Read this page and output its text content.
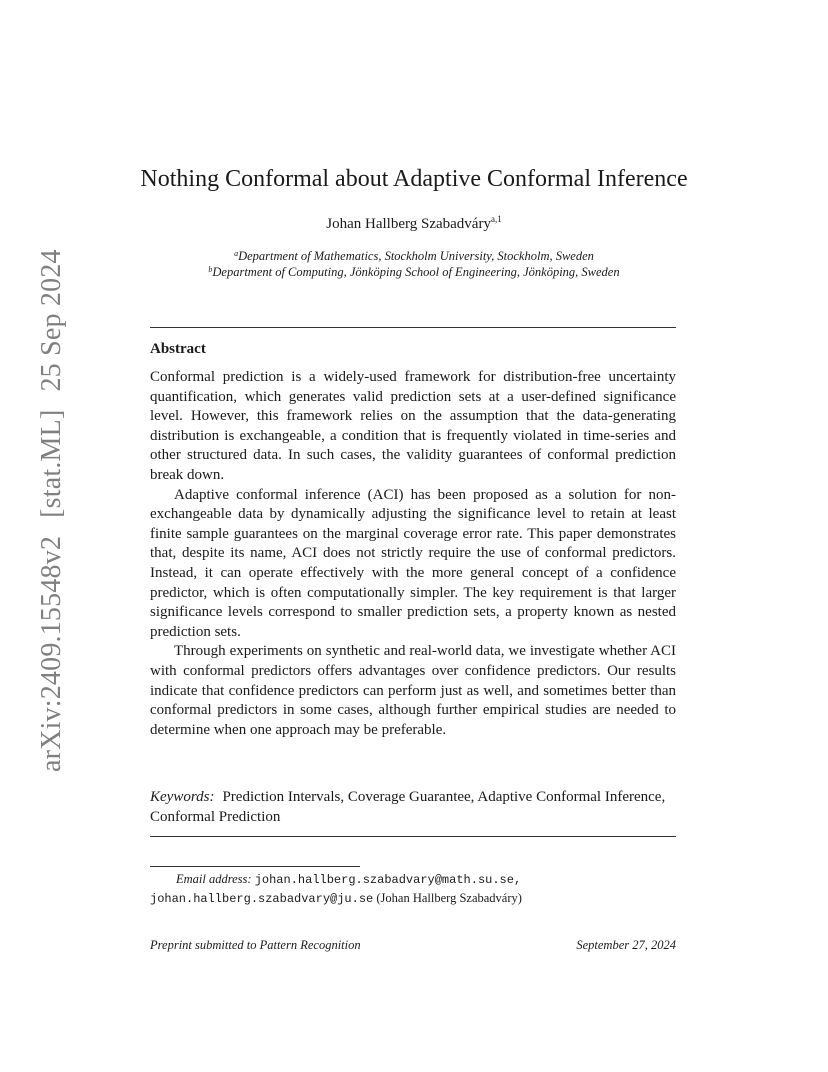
arXiv:2409.15548v2[stat.ML]25 Sep 2024
Nothing Conformal about Adaptive Conformal Inference
Johan Hallberg Szabadváry$^{a,1}$
$^a$Department of Mathematics, Stockholm University, Stockholm, Sweden
$^b$Department of Computing, Jönköping School of Engineering, Jönköping, Sweden
Abstract

Conformal prediction is a widely-used framework for distribution-free uncertainty quantification, which generates valid prediction sets at a user-defined significance level. However, this framework relies on the assumption that the data-generating distribution is exchangeable, a condition that is frequently violated in time-series and other structured data. In such cases, the validity guarantees of conformal prediction break down.

Adaptive conformal inference (ACI) has been proposed as a solution for non-exchangeable data by dynamically adjusting the significance level to retain at least finite sample guarantees on the marginal coverage error rate. This paper demonstrates that, despite its name, ACI does not strictly require the use of conformal predictors. Instead, it can operate effectively with the more general concept of a confidence predictor, which is often computationally simpler. The key requirement is that larger significance levels correspond to smaller prediction sets, a property known as nested prediction sets.

Through experiments on synthetic and real-world data, we investigate whether ACI with conformal predictors offers advantages over confidence predictors. Our results indicate that confidence predictors can perform just as well, and sometimes better than conformal predictors in some cases, although further empirical studies are needed to determine when one approach may be preferable.

Keywords: Prediction Intervals, Coverage Guarantee, Adaptive Conformal Inference, Conformal Prediction
Email address: johan.hallberg.szabadvary@math.su.se,
johan.hallberg.szabadvary@ju.se (Johan Hallberg Szabadváry)
Preprint submitted to Pattern Recognition	September 27, 2024
